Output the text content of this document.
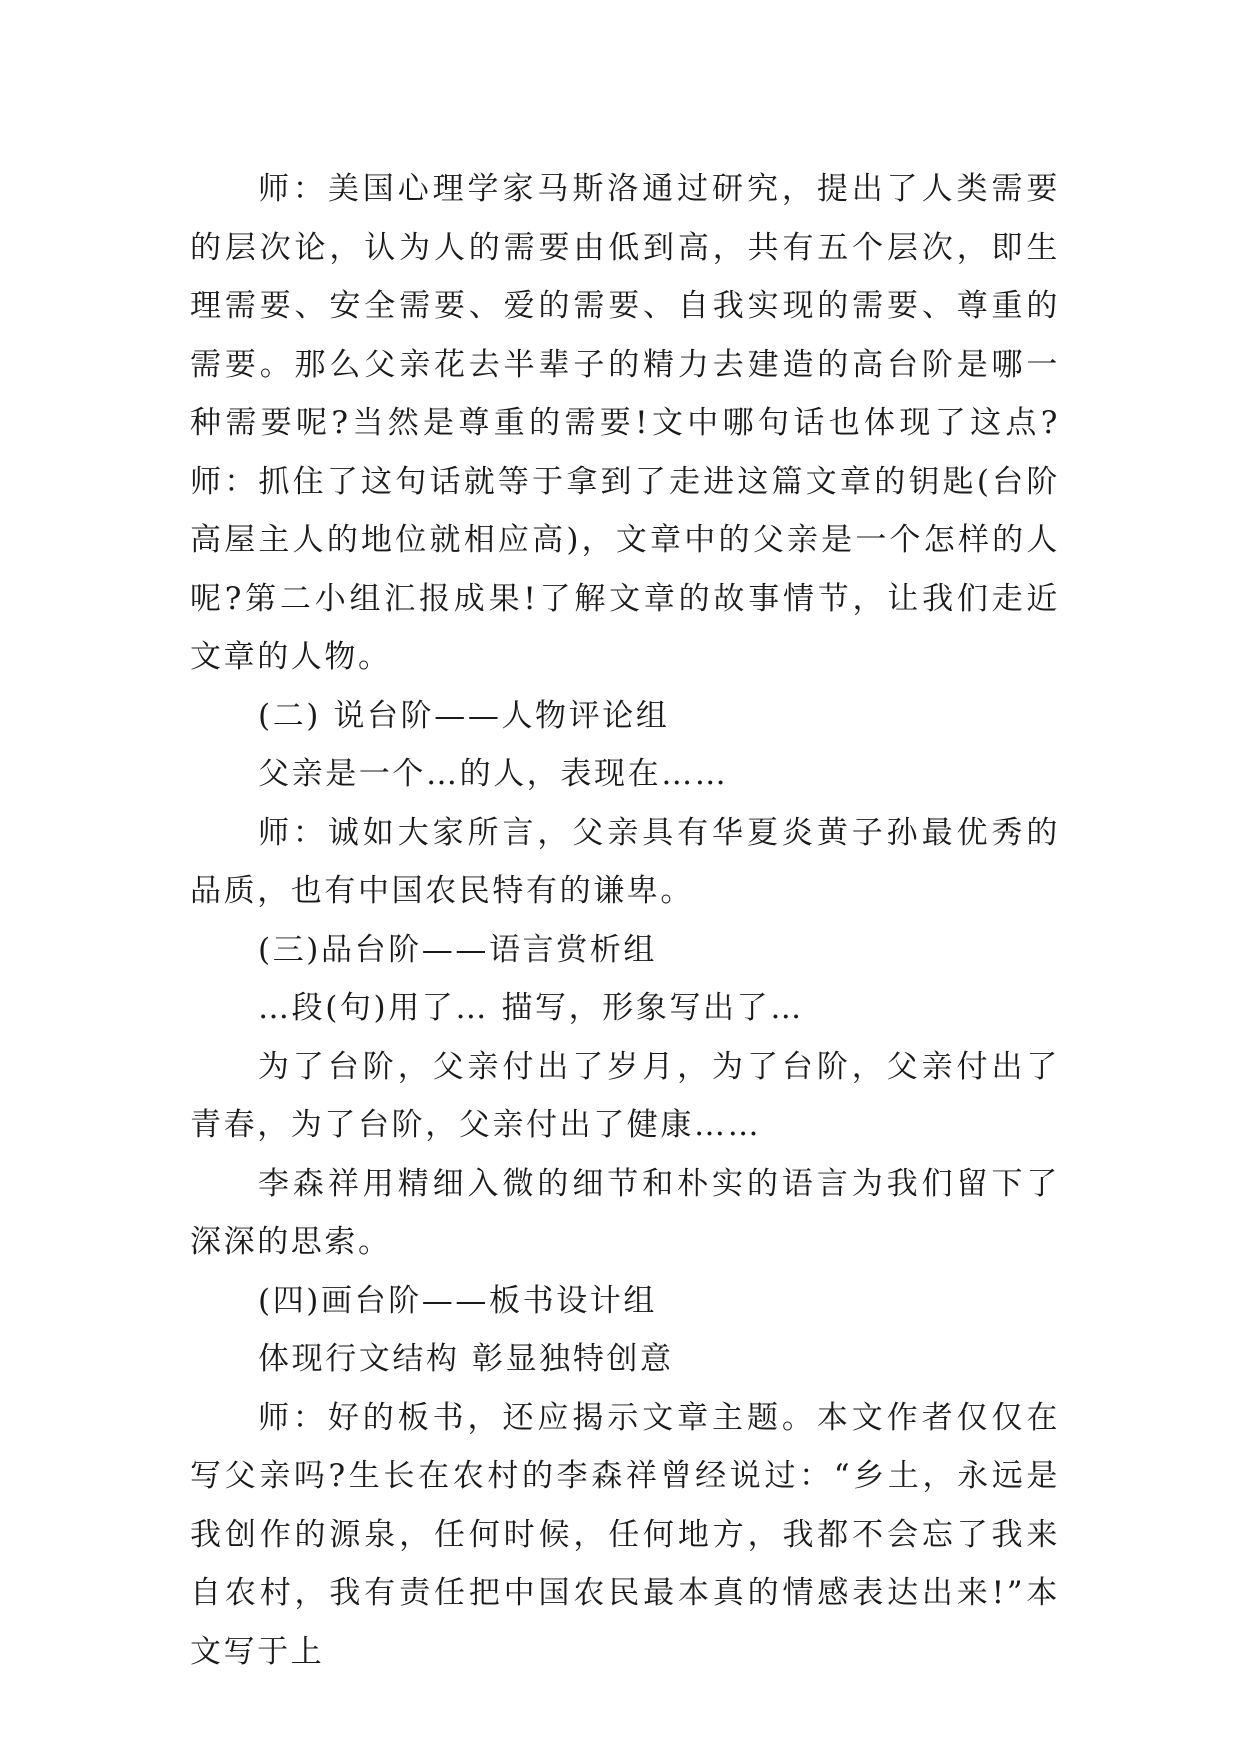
师：美国心理学家马斯洛通过研究，提出了人类需要的层次论，认为人的需要由低到高，共有五个层次，即生理需要、安全需要、爱的需要、自我实现的需要、尊重的需要。那么父亲花去半辈子的精力去建造的高台阶是哪一种需要呢?当然是尊重的需要!文中哪句话也体现了这点? 师：抓住了这句话就等于拿到了走进这篇文章的钥匙(台阶高屋主人的地位就相应高)，文章中的父亲是一个怎样的人呢?第二小组汇报成果!了解文章的故事情节，让我们走近文章的人物。

(二) 说台阶——人物评论组

父亲是一个…的人，表现在……

师：诚如大家所言，父亲具有华夏炎黄子孙最优秀的品质，也有中国农民特有的谦卑。

(三)品台阶——语言赏析组

…段(句)用了… 描写，形象写出了…

为了台阶，父亲付出了岁月，为了台阶，父亲付出了青春，为了台阶，父亲付出了健康……

李森祥用精细入微的细节和朴实的语言为我们留下了深深的思索。

(四)画台阶——板书设计组

体现行文结构 彰显独特创意

师：好的板书，还应揭示文章主题。本文作者仅仅在写父亲吗?生长在农村的李森祥曾经说过：“乡土，永远是我创作的源泉，任何时候，任何地方，我都不会忘了我来自农村，我有责任把中国农民最本真的情感表达出来!”本文写于上
